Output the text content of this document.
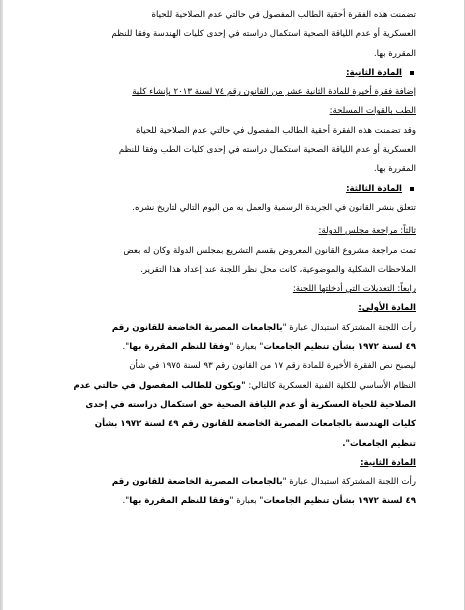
تضمنت هذه الفقرة أحقية الطالب المفصول في حالتي عدم الصلاحية للحياة

العسكرية أو عدم اللياقة الصحية استكمال دراسته في إحدى كليات الهندسة وفقا للنظم

المقررة بها.

المادة الثانية:

إضافة فقرة أخيرة للمادة الثانية عشر من القانون رقم ٧٤ لسنة ٢٠١٣ بإنشاء كلية

الطب بالقوات المسلحة:

وقد تضمنت هذه الفقرة أحقية الطالب المفصول في حالتي عدم الصلاحية للحياة

العسكرية أو عدم اللياقة الصحية استكمال دراسته في إحدى كليات الطب وفقا للنظم

المقررة بها.

المادة الثالثة:

تتعلق بنشر القانون في الجريدة الرسمية والعمل به من اليوم التالي لتاريخ نشره.

ثالثاً: مراجعة مجلس الدولة:

تمت مراجعة مشروع القانون المعروض بقسم التشريع بمجلس الدولة وكان له بعض

الملاحظات الشكلية والموضوعية، كانت محل نظر اللجنة عند إعداد هذا التقرير.

رابعاً: التعديلات التي أدخلتها اللجنة:

المادة الأولى:

رأت اللجنة المشتركة استبدال عبارة "بالجامعات المصرية الخاضعة للقانون رقم

٤٩ لسنة ١٩٧٢ بشأن تنظيم الجامعات" بعبارة "وفقا للنظم المقررة بها".

ليصبح نص الفقرة الأخيرة للمادة رقم ١٧ من القانون رقم ٩٣ لسنة ١٩٧٥ في شأن

النظام الأساسي للكلية الفنية العسكرية كالتالي: "ويكون للطالب المفصول في حالتي عدم

الصلاحية للحياة العسكرية أو عدم اللياقة الصحية حق استكمال دراسته في إحدى

كليات الهندسة بالجامعات المصرية الخاضعة للقانون رقم ٤٩ لسنة ١٩٧٢ بشأن

تنظيم الجامعات".

المادة الثانية:

رأت اللجنة المشتركة استبدال عبارة "بالجامعات المصرية الخاضعة للقانون رقم

٤٩ لسنة ١٩٧٢ بشأن تنظيم الجامعات" بعبارة "وفقا للنظم المقررة بها".
